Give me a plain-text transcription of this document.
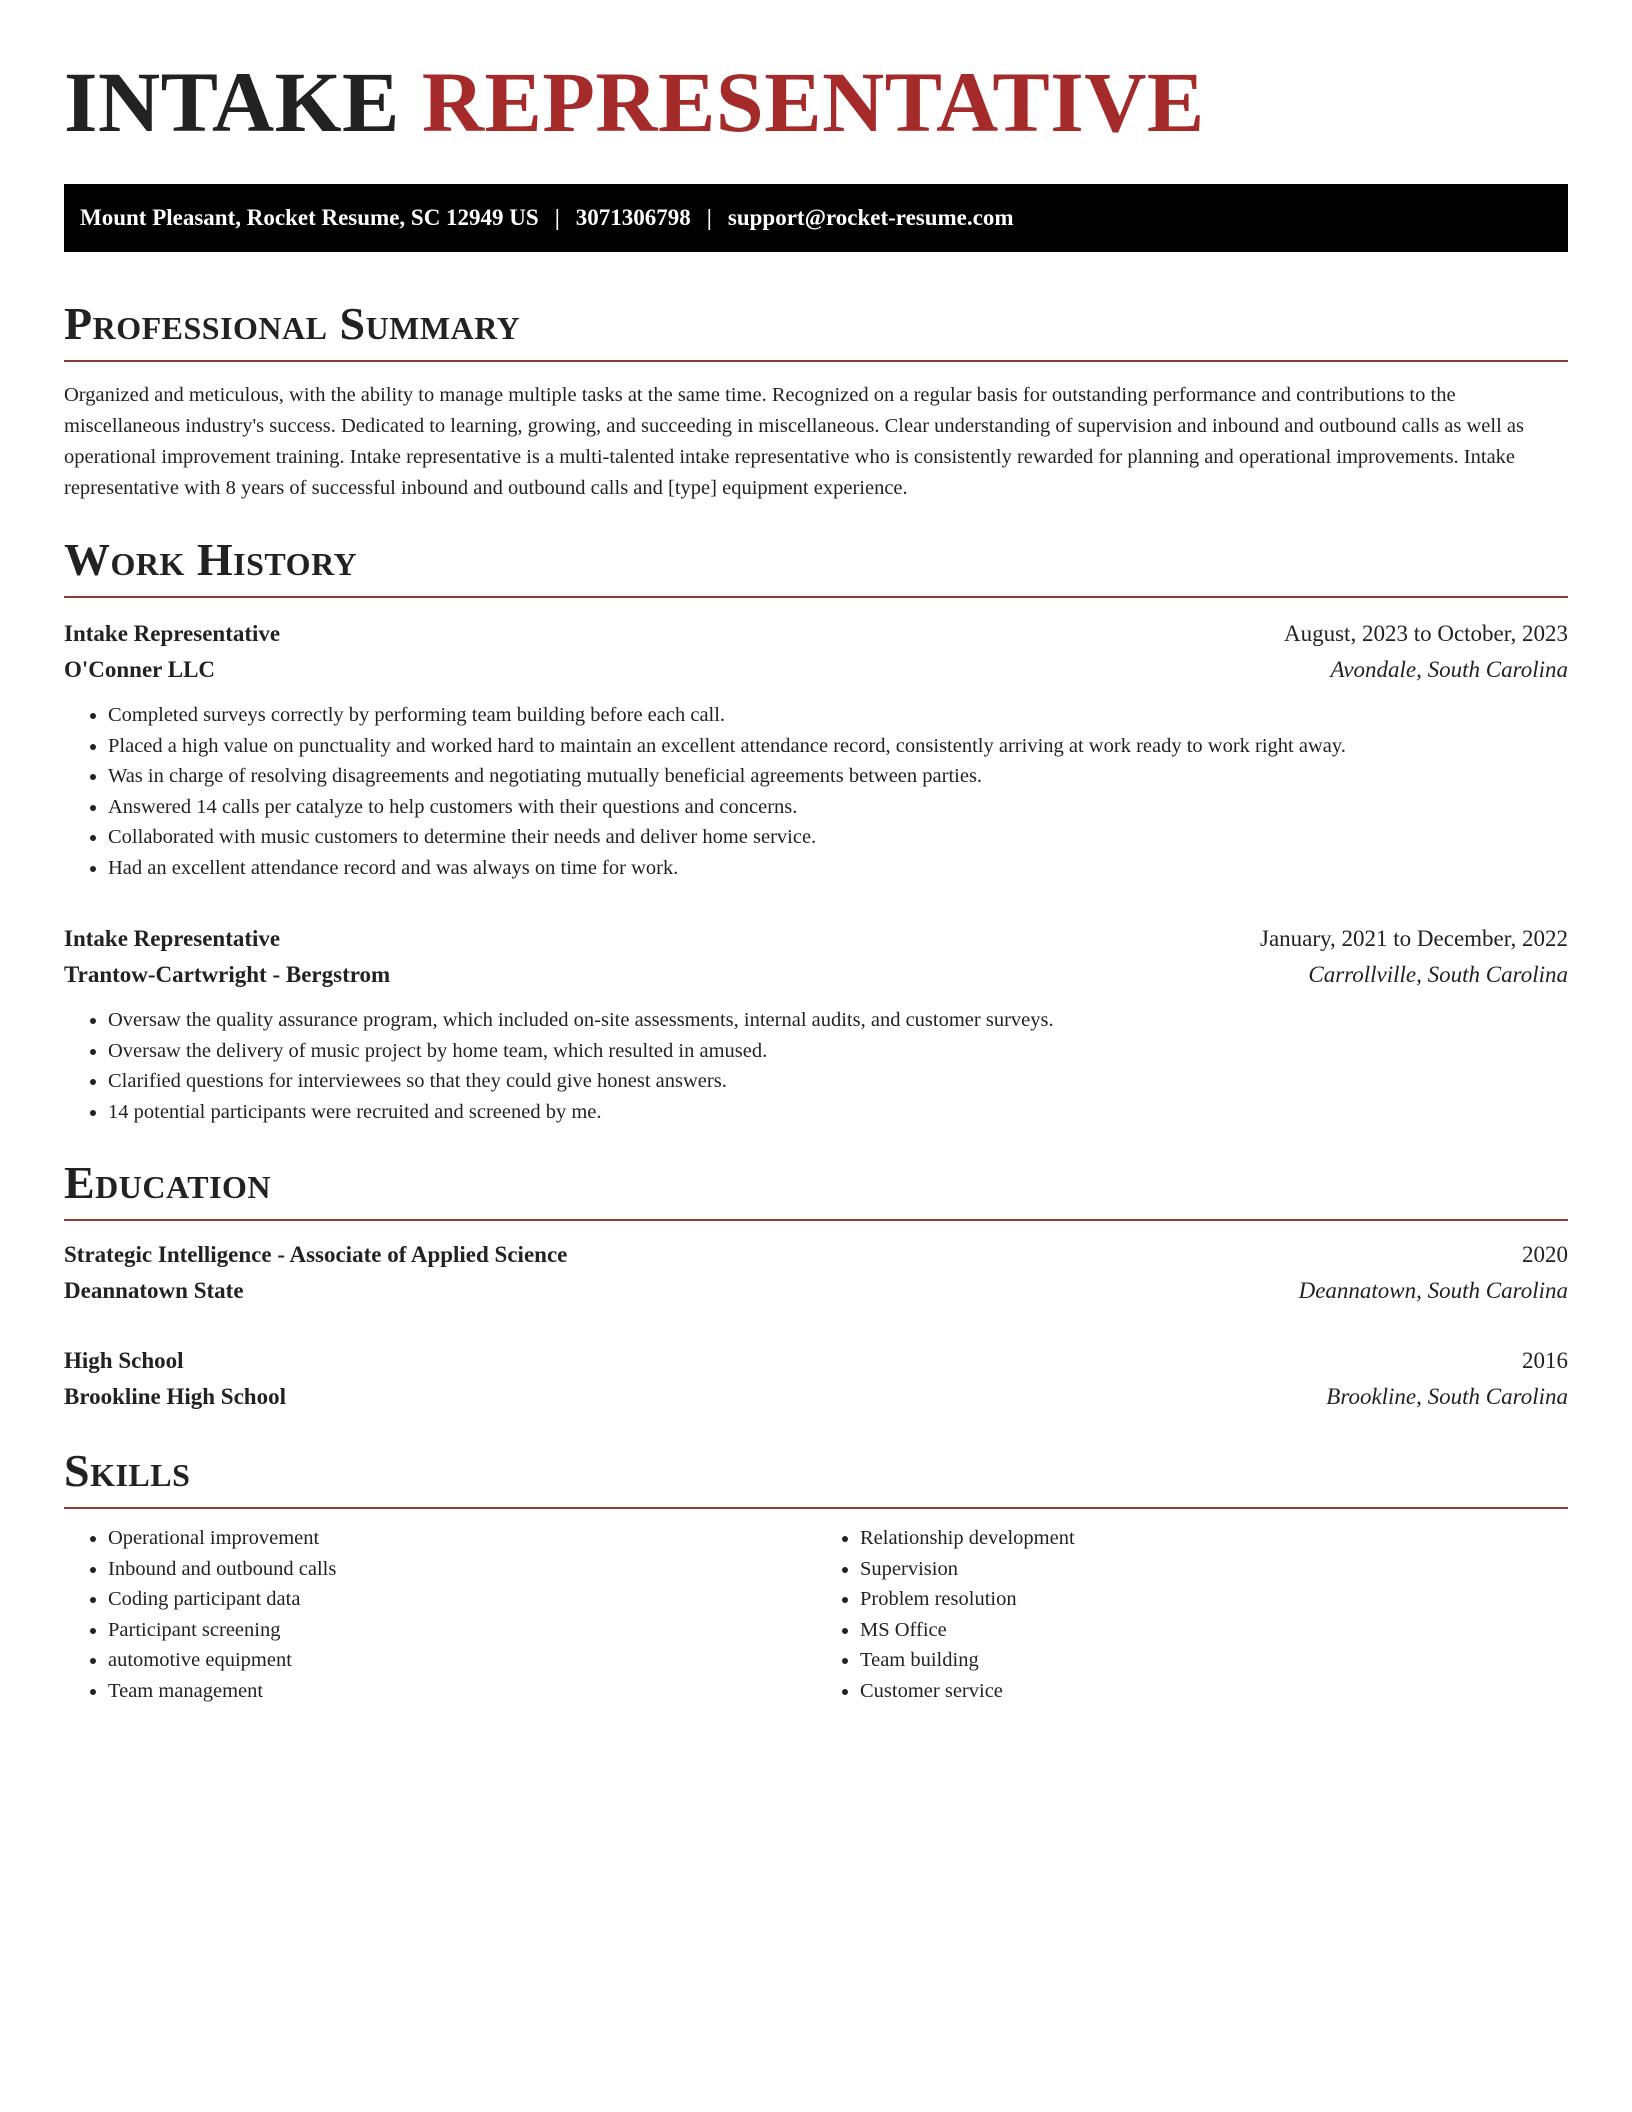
INTAKE REPRESENTATIVE
Mount Pleasant, Rocket Resume, SC 12949 US | 3071306798 | support@rocket-resume.com
Professional Summary

Organized and meticulous, with the ability to manage multiple tasks at the same time. Recognized on a regular basis for outstanding performance and contributions to the miscellaneous industry's success. Dedicated to learning, growing, and succeeding in miscellaneous. Clear understanding of supervision and inbound and outbound calls as well as operational improvement training. Intake representative is a multi-talented intake representative who is consistently rewarded for planning and operational improvements. Intake representative with 8 years of successful inbound and outbound calls and [type] equipment experience.

Work History
Intake Representative	August, 2023 to October, 2023
O'Conner LLC	Avondale, South Carolina
• Completed surveys correctly by performing team building before each call.
• Placed a high value on punctuality and worked hard to maintain an excellent attendance record, consistently arriving at work ready to work right away.
• Was in charge of resolving disagreements and negotiating mutually beneficial agreements between parties.
• Answered 14 calls per catalyze to help customers with their questions and concerns.
• Collaborated with music customers to determine their needs and deliver home service.
• Had an excellent attendance record and was always on time for work.
Intake Representative	January, 2021 to December, 2022
Trantow-Cartwright - Bergstrom	Carrollville, South Carolina
• Oversaw the quality assurance program, which included on-site assessments, internal audits, and customer surveys.
• Oversaw the delivery of music project by home team, which resulted in amused.
• Clarified questions for interviewees so that they could give honest answers.
• 14 potential participants were recruited and screened by me.
Education
Strategic Intelligence - Associate of Applied Science	2020
Deannatown State	Deannatown, South Carolina
High School	2016
Brookline High School	Brookline, South Carolina
Skills
• Operational improvement
• Inbound and outbound calls
• Coding participant data
• Participant screening
• automotive equipment
• Team management
• Relationship development
• Supervision
• Problem resolution
• MS Office
• Team building
• Customer service
